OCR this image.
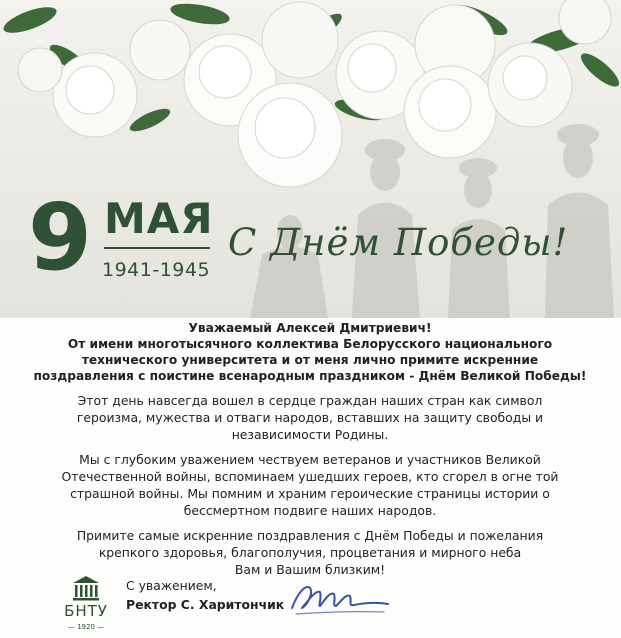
9 МАЯ
1941-1945
С Днём Победы!

Уважаемый Алексей Дмитриевич!
От имени многотысячного коллектива Белорусского национального
технического университета и от меня лично примите искренние
поздравления с поистине всенародным праздником - Днём Великой Победы!

Этот день навсегда вошел в сердце граждан наших стран как символ
героизма, мужества и отваги народов, вставших на защиту свободы и
независимости Родины.

Мы с глубоким уважением чествуем ветеранов и участников Великой
Отечественной войны, вспоминаем ушедших героев, кто сгорел в огне той
страшной войны. Мы помним и храним героические страницы истории о
бессмертном подвиге наших народов.

Примите самые искренние поздравления с Днём Победы и пожелания
крепкого здоровья, благополучия, процветания и мирного неба
Вам и Вашим близким!

БНТУ
— 1920 —
С уважением,
Ректор С. Харитончик
